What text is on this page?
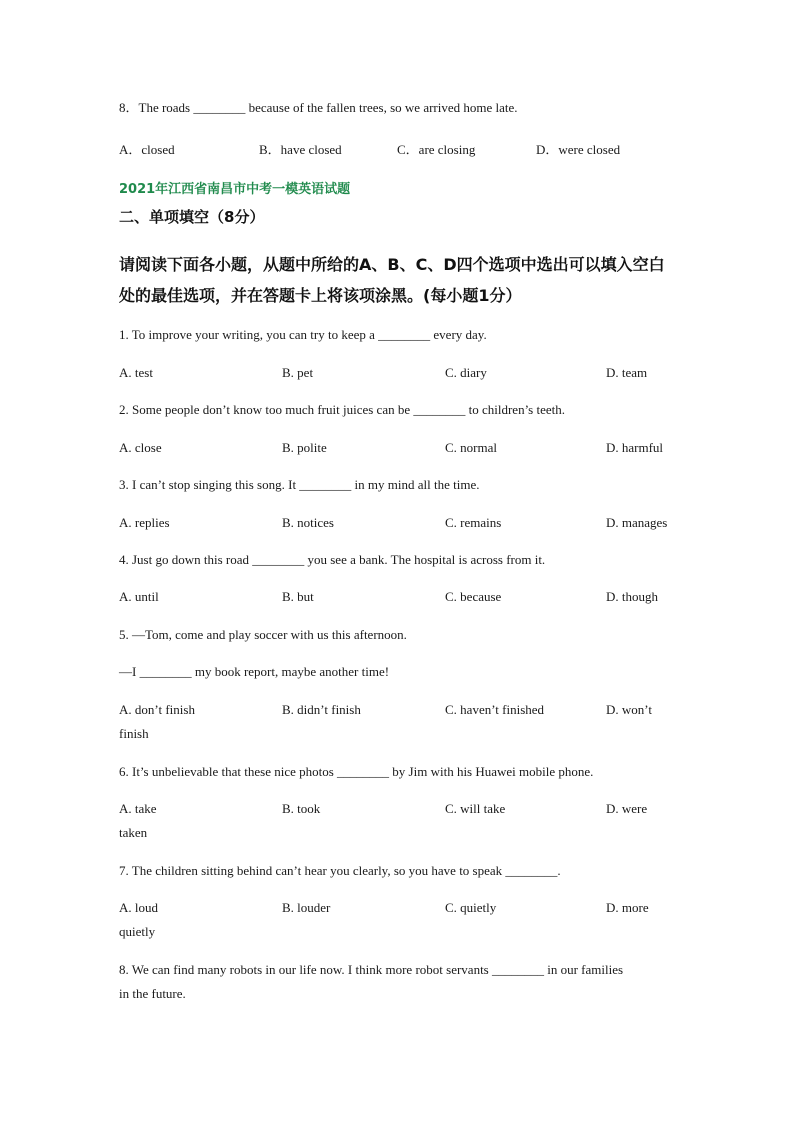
8．The roads ________ because of the fallen trees, so we arrived home late.
A．closed	B．have closed	C．are closing	D．were closed
2021年江西省南昌市中考一模英语试题
二、单项填空（8分）
请阅读下面各小题，从题中所给的A、B、C、D四个选项中选出可以填入空白
处的最佳选项，并在答题卡上将该项涂黑。(每小题1分）
1. To improve your writing, you can try to keep a ________ every day.
A. test	B. pet	C. diary	D. team
2. Some people don’t know too much fruit juices can be ________ to children’s teeth.
A. close	B. polite	C. normal	D. harmful
3. I can’t stop singing this song. It ________ in my mind all the time.
A. replies	B. notices	C. remains	D. manages
4. Just go down this road ________ you see a bank. The hospital is across from it.
A. until	B. but	C. because	D. though
5. —Tom, come and play soccer with us this afternoon.
—I ________ my book report, maybe another time!
A. don’t finish	B. didn’t finish	C. haven’t finished	D. won’t
finish
6. It’s unbelievable that these nice photos ________ by Jim with his Huawei mobile phone.
A. take	B. took	C. will take	D. were
taken
7. The children sitting behind can’t hear you clearly, so you have to speak ________.
A. loud	B. louder	C. quietly	D. more
quietly
8. We can find many robots in our life now. I think more robot servants ________ in our families
in the future.
